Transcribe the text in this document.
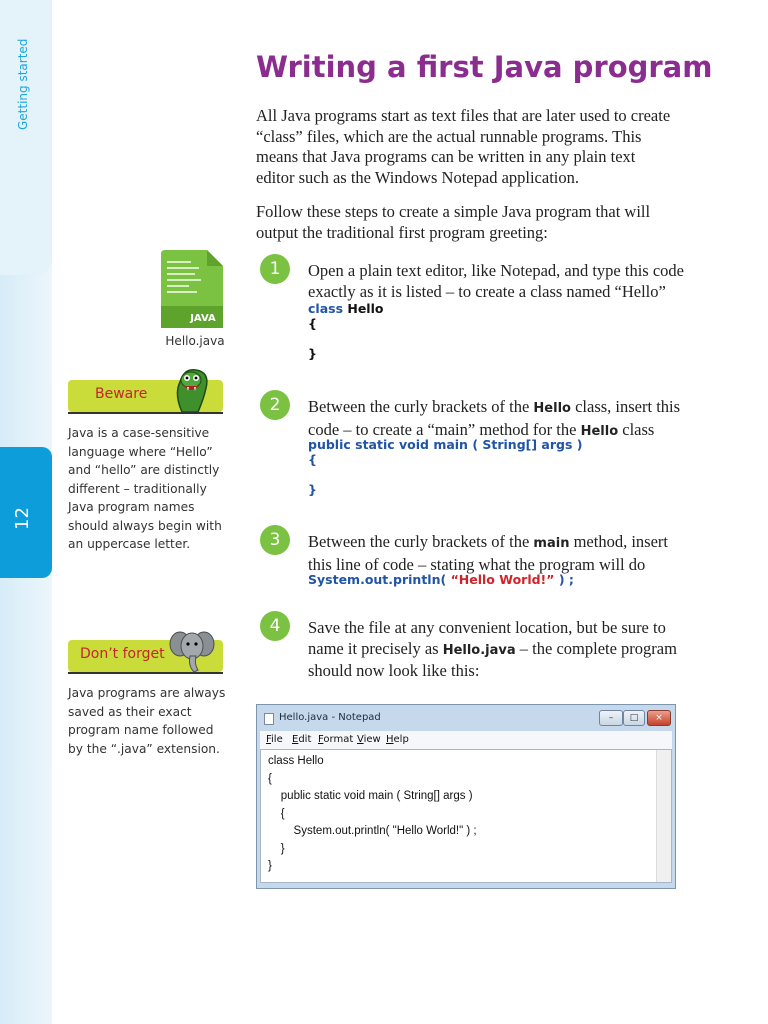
Getting started
12
Writing a first Java program

All Java programs start as text files that are later used to create “class” files, which are the actual runnable programs. This means that Java programs can be written in any plain text editor such as the Windows Notepad application.

Follow these steps to create a simple Java program that will output the traditional first program greeting:

JAVA
Hello.java
Beware

Java is a case-sensitive language where “Hello” and “hello” are distinctly different – traditionally Java program names should always begin with an uppercase letter.

Don’t forget

Java programs are always saved as their exact program name followed by the “.java” extension.

1	Open a plain text editor, like Notepad, and type this code exactly as it is listed – to create a class named “Hello”

class Hello
{

}
2	Between the curly brackets of the Hello class, insert this code – to create a “main” method for the Hello class

public static void main ( String[] args )
{

}
3	Between the curly brackets of the main method, insert this line of code – stating what the program will do

System.out.println( “Hello World!” ) ;
4	Save the file at any convenient location, but be sure to name it precisely as Hello.java – the complete program should now look like this:

Hello.java - Notepad	–	□	×
File Edit Format View Help
class Hello
{
public static void main ( String[] args )
{
System.out.println( "Hello World!" ) ;
}
}
